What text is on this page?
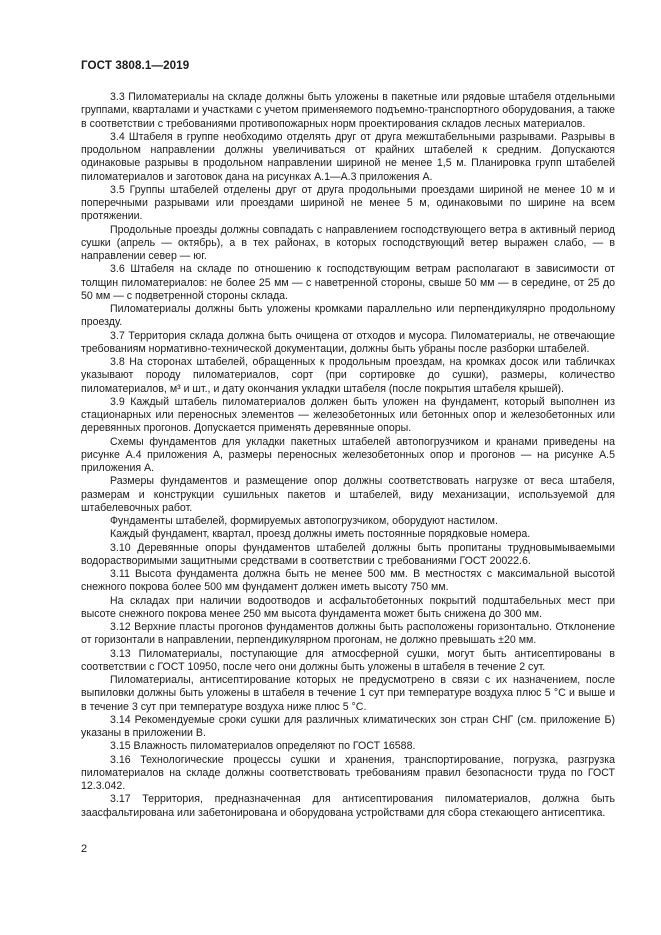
ГОСТ 3808.1—2019

3.3 Пиломатериалы на складе должны быть уложены в пакетные или рядовые штабеля отдельными группами, кварталами и участками с учетом применяемого подъемно-транспортного оборудования, а также в соответствии с требованиями противопожарных норм проектирования складов лесных материалов.

3.4 Штабеля в группе необходимо отделять друг от друга межштабельными разрывами. Разрывы в продольном направлении должны увеличиваться от крайних штабелей к средним. Допускаются одинаковые разрывы в продольном направлении шириной не менее 1,5 м. Планировка групп штабелей пиломатериалов и заготовок дана на рисунках А.1—А.3 приложения А.

3.5 Группы штабелей отделены друг от друга продольными проездами шириной не менее 10 м и поперечными разрывами или проездами шириной не менее 5 м, одинаковыми по ширине на всем протяжении.

Продольные проезды должны совпадать с направлением господствующего ветра в активный период сушки (апрель — октябрь), а в тех районах, в которых господствующий ветер выражен слабо, — в направлении север — юг.

3.6 Штабеля на складе по отношению к господствующим ветрам располагают в зависимости от толщин пиломатериалов: не более 25 мм — с наветренной стороны, свыше 50 мм — в середине, от 25 до 50 мм — с подветренной стороны склада.

Пиломатериалы должны быть уложены кромками параллельно или перпендикулярно продольному проезду.

3.7 Территория склада должна быть очищена от отходов и мусора. Пиломатериалы, не отвечающие требованиям нормативно-технической документации, должны быть убраны после разборки штабелей.

3.8 На сторонах штабелей, обращенных к продольным проездам, на кромках досок или табличках указывают породу пиломатериалов, сорт (при сортировке до сушки), размеры, количество пиломатериалов, м³ и шт., и дату окончания укладки штабеля (после покрытия штабеля крышей).

3.9 Каждый штабель пиломатериалов должен быть уложен на фундамент, который выполнен из стационарных или переносных элементов — железобетонных или бетонных опор и железобетонных или деревянных прогонов. Допускается применять деревянные опоры.

Схемы фундаментов для укладки пакетных штабелей автопогрузчиком и кранами приведены на рисунке А.4 приложения А, размеры переносных железобетонных опор и прогонов — на рисунке А.5 приложения А.

Размеры фундаментов и размещение опор должны соответствовать нагрузке от веса штабеля, размерам и конструкции сушильных пакетов и штабелей, виду механизации, используемой для штабелевочных работ.

Фундаменты штабелей, формируемых автопогрузчиком, оборудуют настилом.

Каждый фундамент, квартал, проезд должны иметь постоянные порядковые номера.

3.10 Деревянные опоры фундаментов штабелей должны быть пропитаны трудновымываемыми водорастворимыми защитными средствами в соответствии с требованиями ГОСТ 20022.6.

3.11 Высота фундамента должна быть не менее 500 мм. В местностях с максимальной высотой снежного покрова более 500 мм фундамент должен иметь высоту 750 мм.

На складах при наличии водоотводов и асфальтобетонных покрытий подштабельных мест при высоте снежного покрова менее 250 мм высота фундамента может быть снижена до 300 мм.

3.12 Верхние пласты прогонов фундаментов должны быть расположены горизонтально. Отклонение от горизонтали в направлении, перпендикулярном прогонам, не должно превышать ±20 мм.

3.13 Пиломатериалы, поступающие для атмосферной сушки, могут быть антисептированы в соответствии с ГОСТ 10950, после чего они должны быть уложены в штабеля в течение 2 сут.

Пиломатериалы, антисептирование которых не предусмотрено в связи с их назначением, после выпиловки должны быть уложены в штабеля в течение 1 сут при температуре воздуха плюс 5 °С и выше и в течение 3 сут при температуре воздуха ниже плюс 5 °С.

3.14 Рекомендуемые сроки сушки для различных климатических зон стран СНГ (см. приложение Б) указаны в приложении В.

3.15 Влажность пиломатериалов определяют по ГОСТ 16588.

3.16 Технологические процессы сушки и хранения, транспортирование, погрузка, разгрузка пиломатериалов на складе должны соответствовать требованиям правил безопасности труда по ГОСТ 12.3.042.

3.17 Территория, предназначенная для антисептирования пиломатериалов, должна быть заасфальтирована или забетонирована и оборудована устройствами для сбора стекающего антисептика.

2
